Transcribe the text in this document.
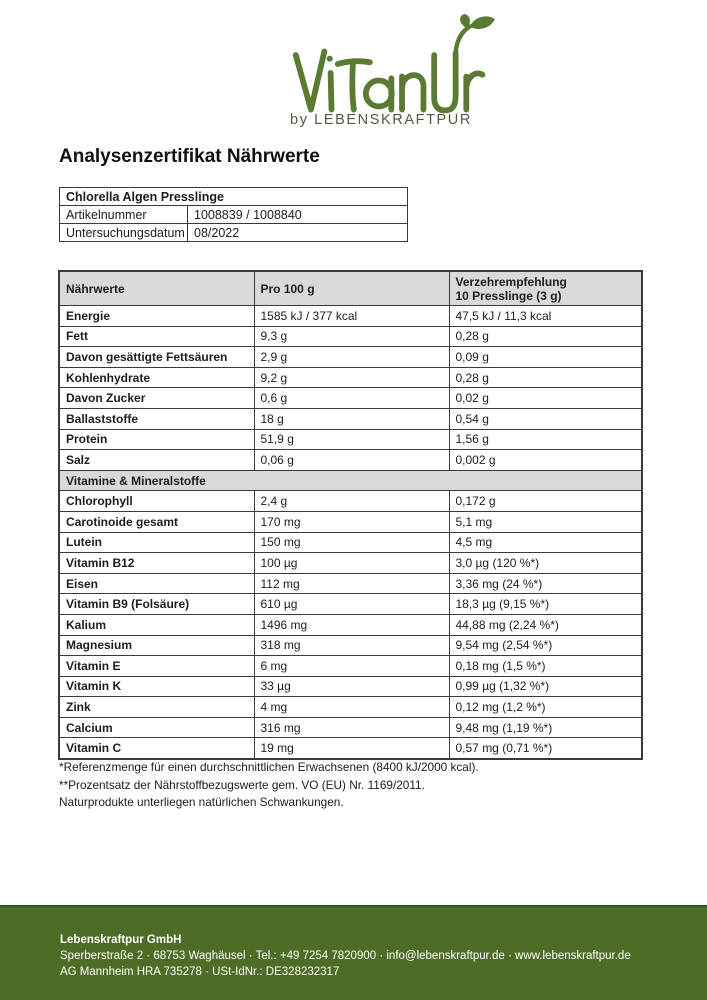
by LEBENSKRAFTPUR
Analysenzertifikat Nährwerte
Chlorella Algen Presslinge	
Artikelnummer	1008839 / 1008840
Untersuchungsdatum	08/2022
Nährwerte	Pro 100 g	Verzehrempfehlung
10 Presslinge (3 g)

Energie	1585 kJ / 377 kcal	47,5 kJ / 11,3 kcal
Fett	9,3 g	0,28 g
Davon gesättigte Fettsäuren	2,9 g	0,09 g
Kohlenhydrate	9,2 g	0,28 g
Davon Zucker	0,6 g	0,02 g
Ballaststoffe	18 g	0,54 g
Protein	51,9 g	1,56 g
Salz	0,06 g	0,002 g
Vitamine & Mineralstoffe		
Chlorophyll	2,4 g	0,172 g
Carotinoide gesamt	170 mg	5,1 mg
Lutein	150 mg	4,5 mg
Vitamin B12	100 µg	3,0 µg (120 %*)
Eisen	112 mg	3,36 mg (24 %*)
Vitamin B9 (Folsäure)	610 µg	18,3 µg (9,15 %*)
Kalium	1496 mg	44,88 mg (2,24 %*)
Magnesium	318 mg	9,54 mg (2,54 %*)
Vitamin E	6 mg	0,18 mg (1,5 %*)
Vitamin K	33 µg	0,99 µg (1,32 %*)
Zink	4 mg	0,12 mg (1,2 %*)
Calcium	316 mg	9,48 mg (1,19 %*)
Vitamin C	19 mg	0,57 mg (0,71 %*)
*Referenzmenge für einen durchschnittlichen Erwachsenen (8400 kJ/2000 kcal).
**Prozentsatz der Nährstoffbezugswerte gem. VO (EU) Nr. 1169/2011.
Naturprodukte unterliegen natürlichen Schwankungen.
Lebenskraftpur GmbH
Sperberstraße 2 · 68753 Waghäusel · Tel.: +49 7254 7820900 · info@lebenskraftpur.de · www.lebenskraftpur.de
AG Mannheim HRA 735278 · USt-IdNr.: DE328232317
